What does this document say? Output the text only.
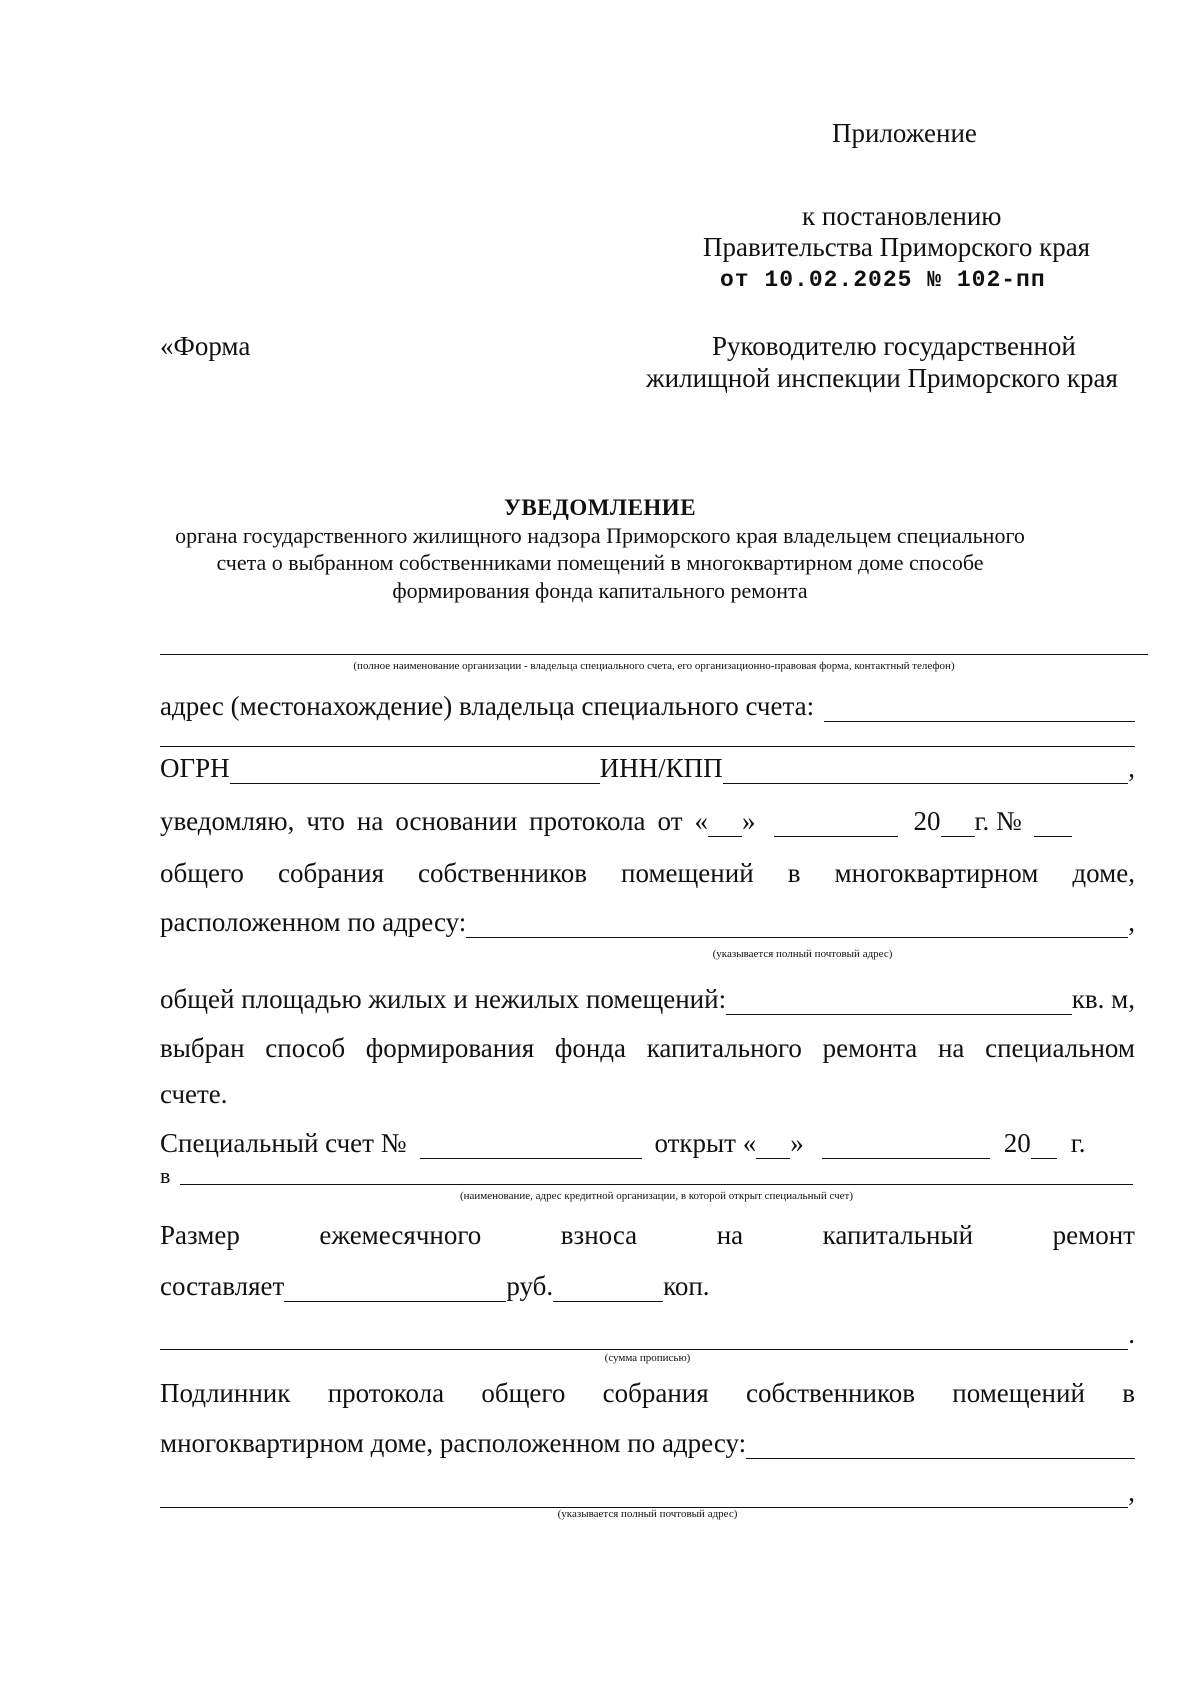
Приложение
к постановлению
Правительства Приморского края
от 10.02.2025 № 102-пп
«Форма	Руководителю государственной
жилищной инспекции Приморского края
УВЕДОМЛЕНИЕ
органа государственного жилищного надзора Приморского края владельцем специального
счета о выбранном собственниками помещений в многоквартирном доме способе
формирования фонда капитального ремонта
(полное наименование организации - владельца специального счета, его организационно-правовая форма, контактный телефон)
адрес (местонахождение) владельца специального счета:
ОГРН	ИНН/КПП	,
уведомляю, что на основании протокола от « »	20 г. №
общего собрания собственников помещений в многоквартирном доме,
расположенном по адресу:	,
(указывается полный почтовый адрес)
общей площадью жилых и нежилых помещений:	кв. м,
выбран способ формирования фонда капитального ремонта на специальном
счете.
Специальный счет №	открыт « »	20 г.
в
(наименование, адрес кредитной организации, в которой открыт специальный счет)
Размер	ежемесячного	взноса	на	капитальный	ремонт
составляет	руб.	коп.
.
(сумма прописью)
Подлинник протокола общего собрания собственников помещений в
многоквартирном доме, расположенном по адресу:
,
(указывается полный почтовый адрес)
